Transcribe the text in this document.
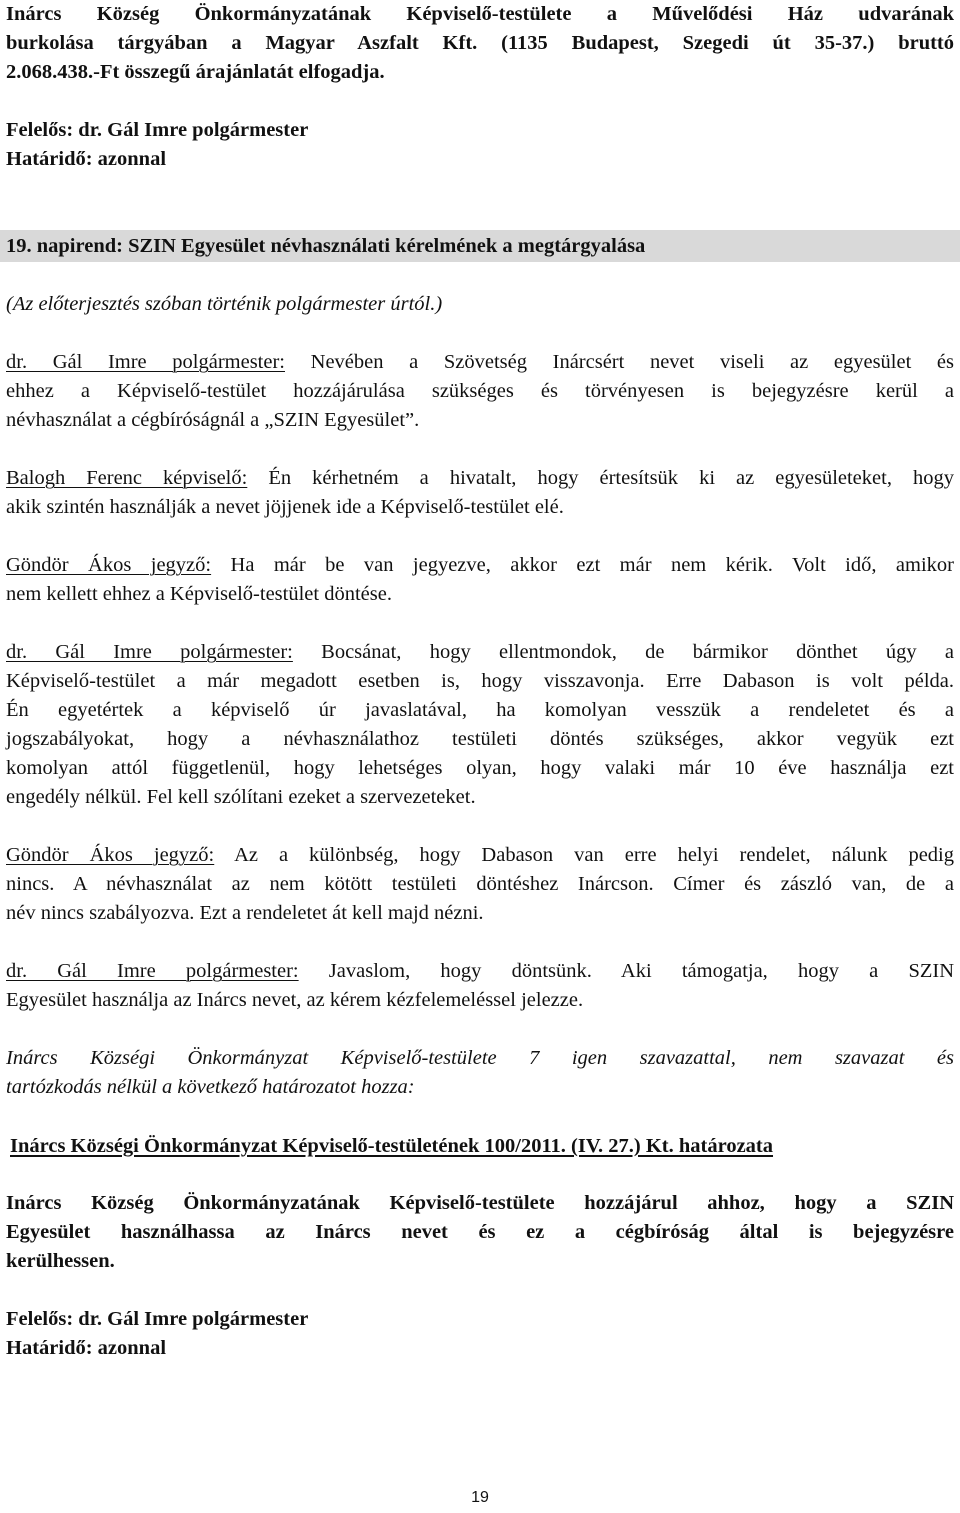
Inárcs Község Önkormányzatának Képviselő-testülete a Művelődési Ház udvarának
burkolása tárgyában a Magyar Aszfalt Kft. (1135 Budapest, Szegedi út 35-37.) bruttó
2.068.438.-Ft összegű árajánlatát elfogadja.
Felelős: dr. Gál Imre polgármester
Határidő: azonnal
19. napirend: SZIN Egyesület névhasználati kérelmének a megtárgyalása
(Az előterjesztés szóban történik polgármester úrtól.)
dr. Gál Imre polgármester: Nevében a Szövetség Inárcsért nevet viseli az egyesület és
ehhez a Képviselő-testület hozzájárulása szükséges és törvényesen is bejegyzésre kerül a
névhasználat a cégbíróságnál a „SZIN Egyesület”.
Balogh Ferenc képviselő: Én kérhetném a hivatalt, hogy értesítsük ki az egyesületeket, hogy
akik szintén használják a nevet jöjjenek ide a Képviselő-testület elé.
Göndör Ákos jegyző: Ha már be van jegyezve, akkor ezt már nem kérik. Volt idő, amikor
nem kellett ehhez a Képviselő-testület döntése.
dr. Gál Imre polgármester: Bocsánat, hogy ellentmondok, de bármikor dönthet úgy a
Képviselő-testület a már megadott esetben is, hogy visszavonja. Erre Dabason is volt példa.
Én egyetértek a képviselő úr javaslatával, ha komolyan vesszük a rendeletet és a
jogszabályokat, hogy a névhasználathoz testületi döntés szükséges, akkor vegyük ezt
komolyan attól függetlenül, hogy lehetséges olyan, hogy valaki már 10 éve használja ezt
engedély nélkül. Fel kell szólítani ezeket a szervezeteket.
Göndör Ákos jegyző: Az a különbség, hogy Dabason van erre helyi rendelet, nálunk pedig
nincs. A névhasználat az nem kötött testületi döntéshez Inárcson. Címer és zászló van, de a
név nincs szabályozva. Ezt a rendeletet át kell majd nézni.
dr. Gál Imre polgármester: Javaslom, hogy döntsünk. Aki támogatja, hogy a SZIN
Egyesület használja az Inárcs nevet, az kérem kézfelemeléssel jelezze.
Inárcs Községi Önkormányzat Képviselő-testülete 7 igen szavazattal, nem szavazat és
tartózkodás nélkül a következő határozatot hozza:
Inárcs Községi Önkormányzat Képviselő-testületének 100/2011. (IV. 27.) Kt. határozata
Inárcs Község Önkormányzatának Képviselő-testülete hozzájárul ahhoz, hogy a SZIN
Egyesület használhassa az Inárcs nevet és ez a cégbíróság által is bejegyzésre
kerülhessen.
Felelős: dr. Gál Imre polgármester
Határidő: azonnal
19
